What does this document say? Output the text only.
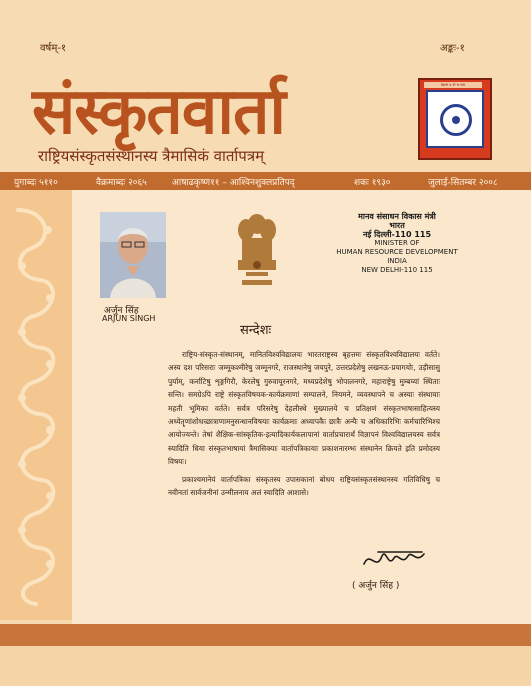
वर्षम्-१	अङ्कः-१
संस्कृतवार्ता
राष्ट्रियसंस्कृतसंस्थानस्य त्रैमासिकं वार्तापत्रम्
वेदानां उ ॐ च गला
युगाब्दः ५११०	वैक्रमाब्दः २०६५	आषाढकृष्ण११ – आश्विनशुक्लप्रतिपद्	शकः १९३०	जुलाई-सितम्बर २००८
अर्जुन सिंह
ARJUN SINGH
मानव संसाधन विकास मंत्री
भारत
नई दिल्ली-110 115
MINISTER OF
HUMAN RESOURCE DEVELOPMENT
INDIA
NEW DELHI-110 115
सन्देशः

राष्ट्रिय-संस्कृत-संस्थानम्, मानितविश्वविद्यालयः भारतराष्ट्रस्य बृहत्तमः संस्कृतविश्वविद्यालयः वर्तते। अस्य दश परिसराः जम्मूकश्मीरेषु जम्मूनगरे, राजस्थानेषु जयपुरे, उत्तरप्रदेशेषु लखनऊ-प्रयागयोः, उड़ीसासु पुर्याम्, कर्नाटिषु शृङ्गगिरौ, केरलेषु गुरुवायूरनगरे, मध्यप्रदेशेषु भोपालनगरे, महाराष्ट्रेषु मुम्बय्यां स्थिताः सन्ति। समग्रेऽपि राष्ट्रे संस्कृतविषयक-कार्यक्रमाणां सम्पालने, नियमने, व्यवस्थापने च अस्याः संस्थायाः महती भूमिका वर्तते। सर्वत्र परिसरेषु देहलीस्थे मुख्यालये च प्रतिक्षणं संस्कृतभाषासाहित्यस्य अध्येतॄणांशोधच्छात्राणामनुसन्धानविषयाः कार्यक्रमाः अध्यापकैः छात्रैः अन्यैः च अधिकारिभिः कर्मचारिभिश्च आयोज्यन्ते। तेषां शैक्षिक-सांस्कृतिक-इत्यादिकार्यकलापानां वार्ताप्रचारार्थं विज्ञापनं विश्वविद्यालयस्य सर्वत्र स्यादिति धिया संस्कृतभाषायां त्रैमासिक्याः वार्तापत्रिकायाः प्रकाशनारम्भः संस्थानेन क्रियते इति प्रमोदस्य विषयः।

प्रकाश्यमानेयं वार्तापत्रिका संस्कृतस्य उपासकानां बोधय राष्ट्रियसंस्कृतसंस्थानस्य गतिविधिषु च नवीनतां सार्वजनीनां उन्मीलनाय अलं स्यादिति आशासे।

( अर्जुन सिंह )
